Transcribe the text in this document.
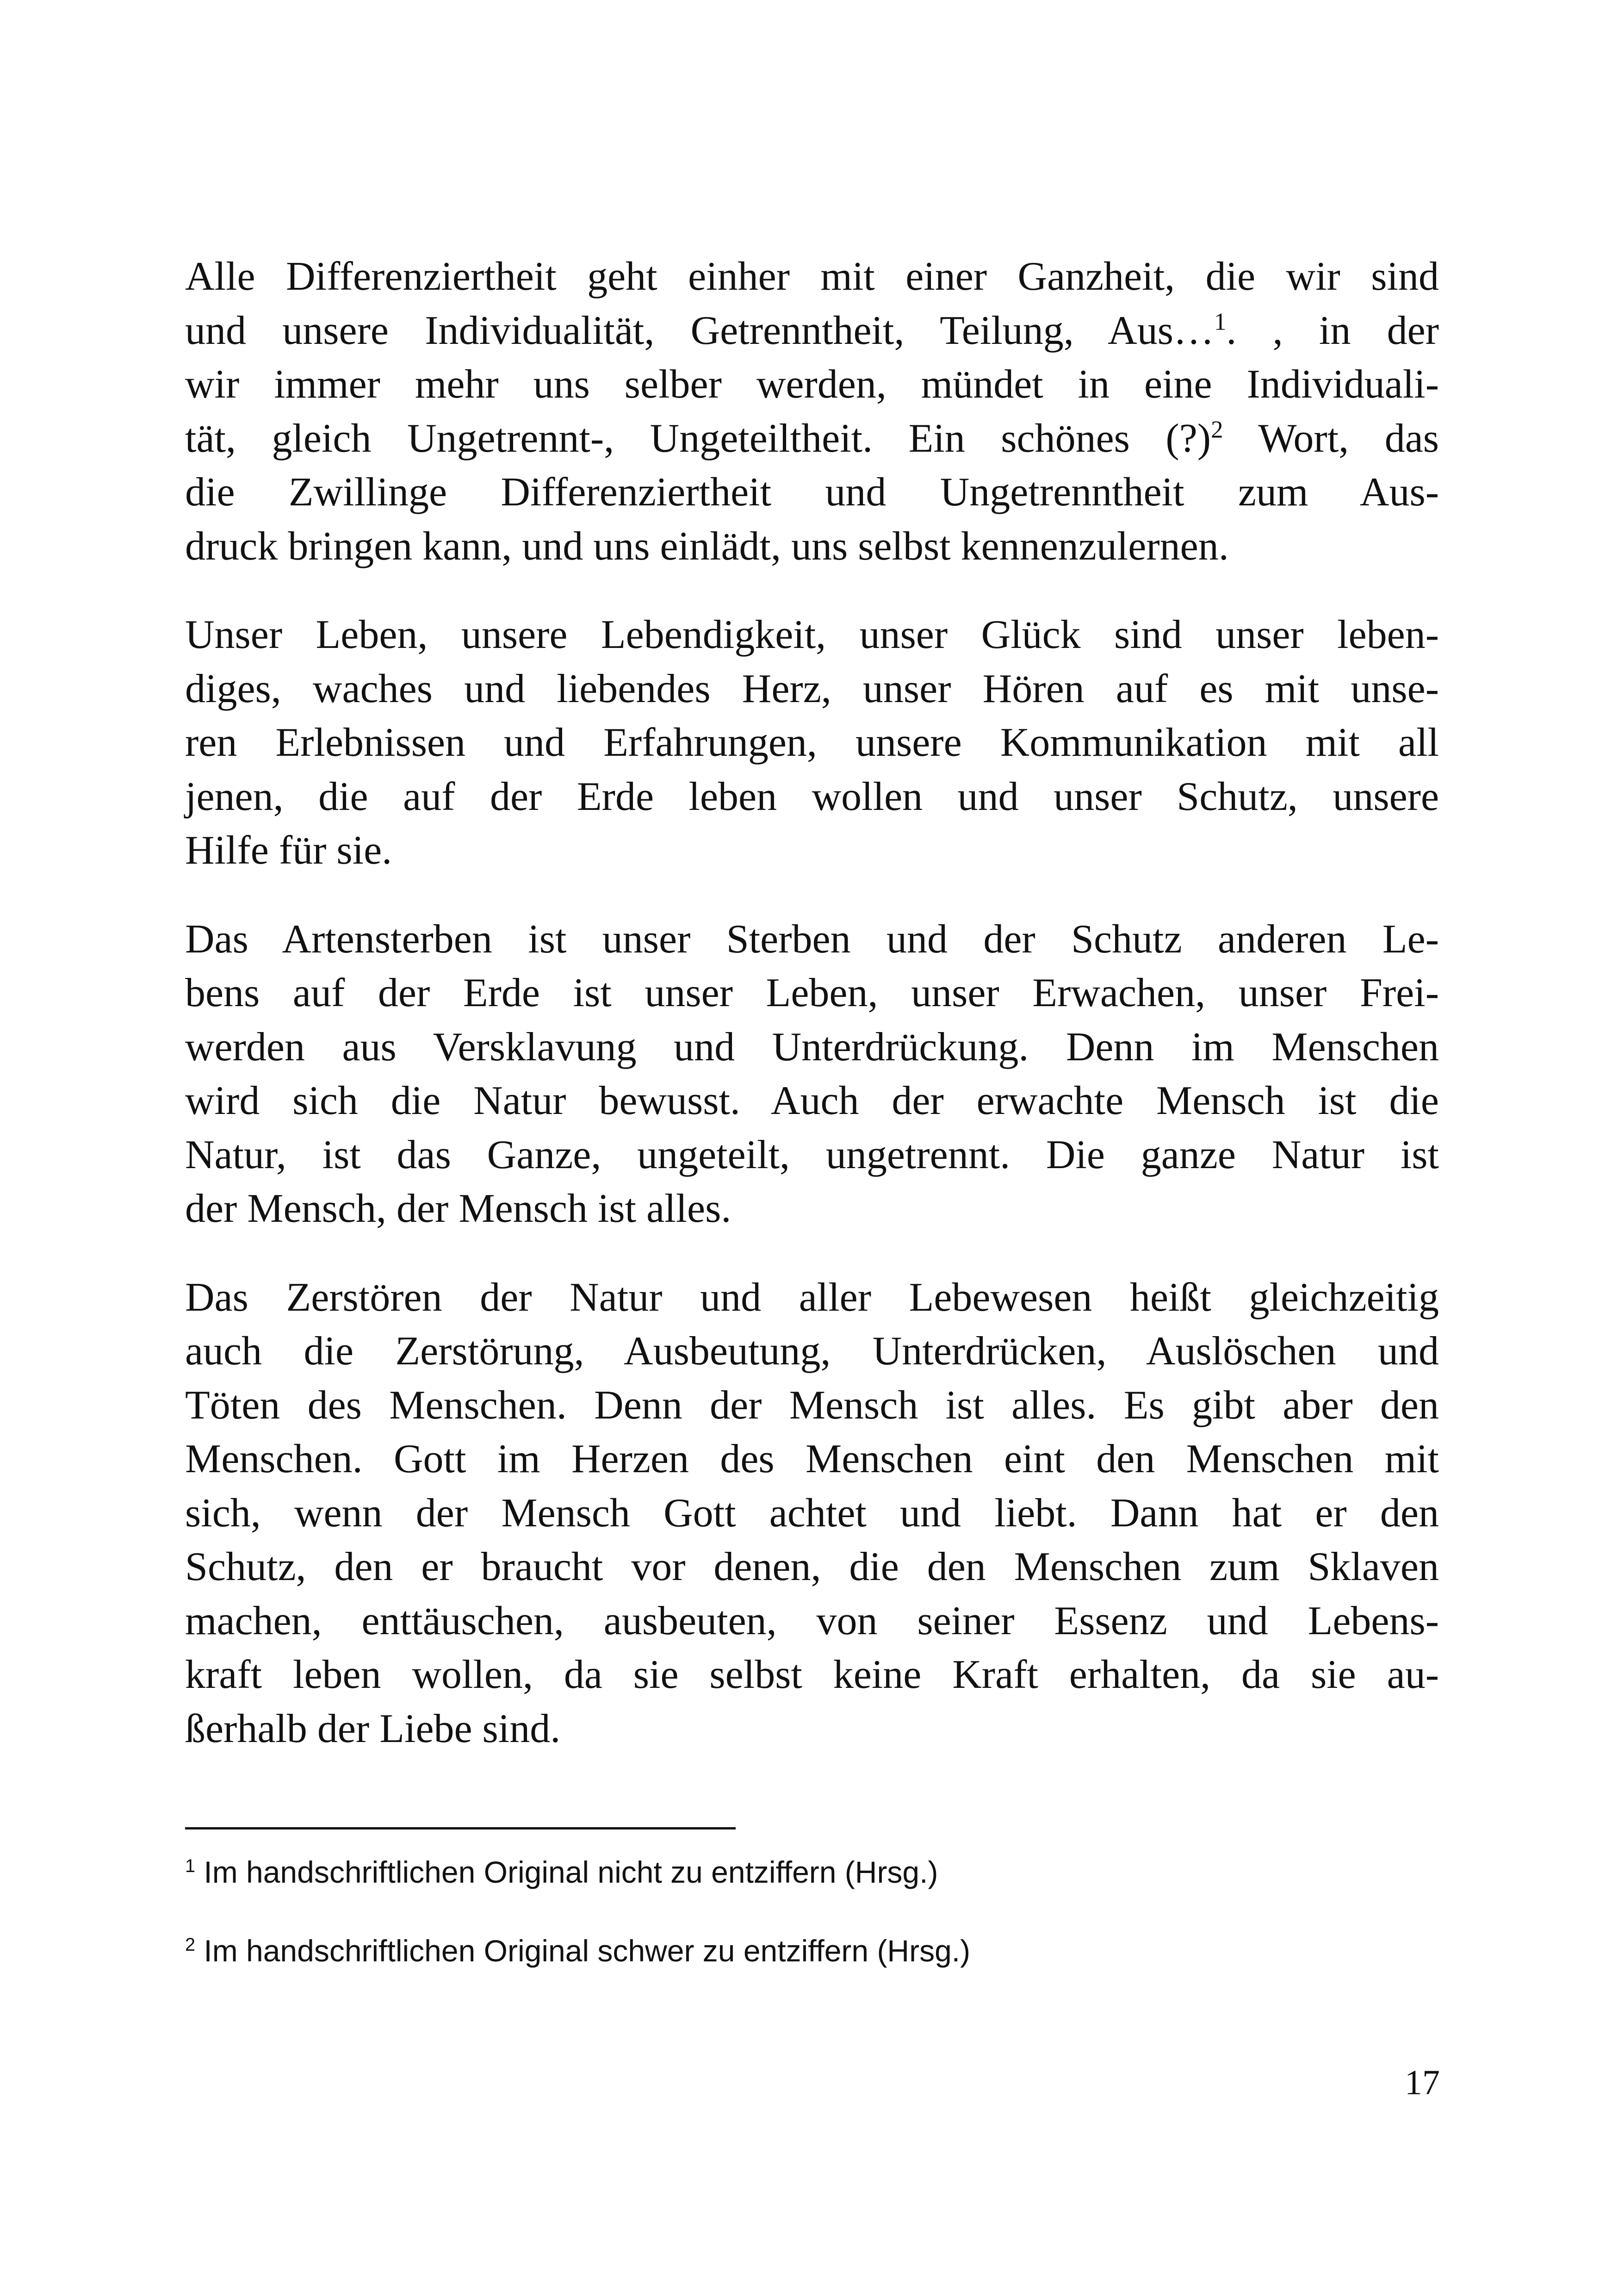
Alle Differenziertheit geht einher mit einer Ganzheit, die wir sind
und unsere Individualität, Getrenntheit, Teilung, Aus…$^1$. , in der
wir immer mehr uns selber werden, mündet in eine Individuali-
tät, gleich Ungetrennt-, Ungeteiltheit. Ein schönes (?)$^2$ Wort, das
die Zwillinge Differenziertheit und Ungetrenntheit zum Aus-
druck bringen kann, und uns einlädt, uns selbst kennenzulernen.

Unser Leben, unsere Lebendigkeit, unser Glück sind unser leben-
diges, waches und liebendes Herz, unser Hören auf es mit unse-
ren Erlebnissen und Erfahrungen, unsere Kommunikation mit all
jenen, die auf der Erde leben wollen und unser Schutz, unsere
Hilfe für sie.

Das Artensterben ist unser Sterben und der Schutz anderen Le-
bens auf der Erde ist unser Leben, unser Erwachen, unser Frei-
werden aus Versklavung und Unterdrückung. Denn im Menschen
wird sich die Natur bewusst. Auch der erwachte Mensch ist die
Natur, ist das Ganze, ungeteilt, ungetrennt. Die ganze Natur ist
der Mensch, der Mensch ist alles.

Das Zerstören der Natur und aller Lebewesen heißt gleichzeitig
auch die Zerstörung, Ausbeutung, Unterdrücken, Auslöschen und
Töten des Menschen. Denn der Mensch ist alles. Es gibt aber den
Menschen. Gott im Herzen des Menschen eint den Menschen mit
sich, wenn der Mensch Gott achtet und liebt. Dann hat er den
Schutz, den er braucht vor denen, die den Menschen zum Sklaven
machen, enttäuschen, ausbeuten, von seiner Essenz und Lebens-
kraft leben wollen, da sie selbst keine Kraft erhalten, da sie au-
ßerhalb der Liebe sind.

$^1$ Im handschriftlichen Original nicht zu entziffern (Hrsg.)
$^2$ Im handschriftlichen Original schwer zu entziffern (Hrsg.)
17
